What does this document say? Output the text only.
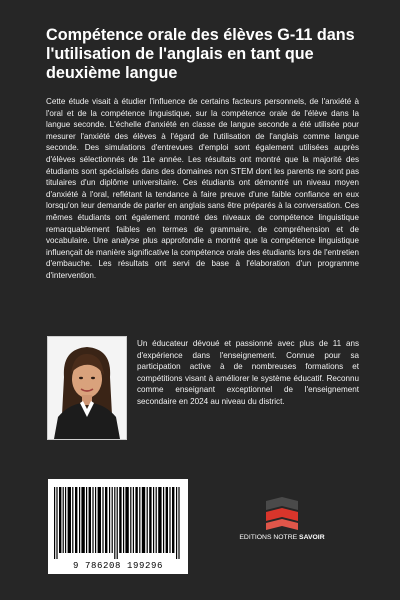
Compétence orale des élèves G-11 dans l'utilisation de l'anglais en tant que deuxième langue

Cette étude visait à étudier l'influence de certains facteurs personnels, de l'anxiété à l'oral et de la compétence linguistique, sur la compétence orale de l'élève dans la langue seconde. L'échelle d'anxiété en classe de langue seconde a été utilisée pour mesurer l'anxiété des élèves à l'égard de l'utilisation de l'anglais comme langue seconde. Des simulations d'entrevues d'emploi sont également utilisées auprès d'élèves sélectionnés de 11e année. Les résultats ont montré que la majorité des étudiants sont spécialisés dans des domaines non STEM dont les parents ne sont pas titulaires d'un diplôme universitaire. Ces étudiants ont démontré un niveau moyen d'anxiété à l'oral, reflétant la tendance à faire preuve d'une faible confiance en eux lorsqu'on leur demande de parler en anglais sans être préparés à la conversation. Ces mêmes étudiants ont également montré des niveaux de compétence linguistique remarquablement faibles en termes de grammaire, de compréhension et de vocabulaire. Une analyse plus approfondie a montré que la compétence linguistique influençait de manière significative la compétence orale des étudiants lors de l'entretien d'embauche. Les résultats ont servi de base à l'élaboration d'un programme d'intervention.

Un éducateur dévoué et passionné avec plus de 11 ans d'expérience dans l'enseignement. Connue pour sa participation active à de nombreuses formations et compétitions visant à améliorer le système éducatif. Reconnu comme enseignant exceptionnel de l'enseignement secondaire en 2024 au niveau du district.

9 786208 199296
EDITIONS NOTRE SAVOIR
